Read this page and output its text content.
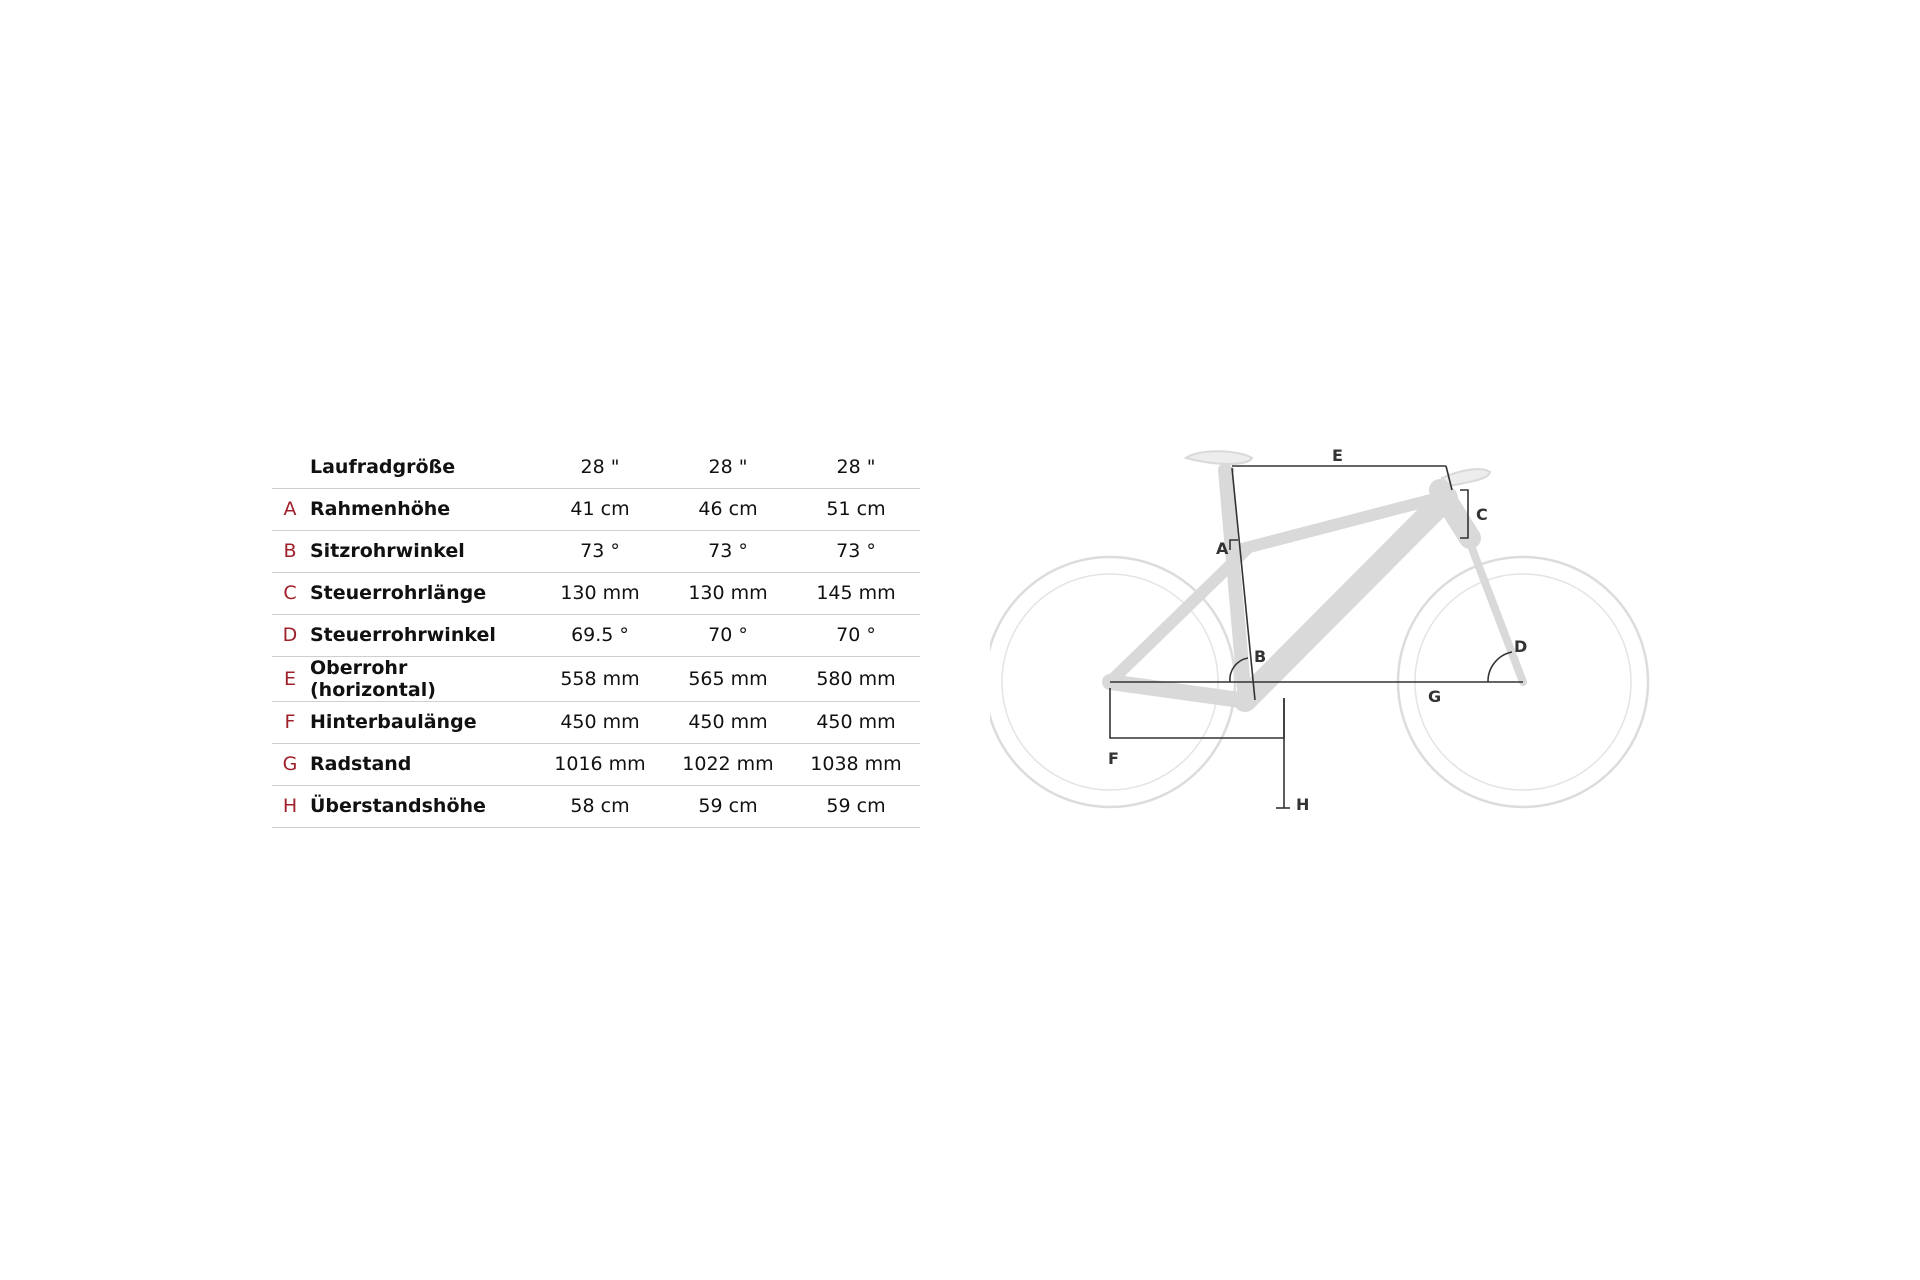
	Laufradgröße	28 "	28 "	28 "
A	Rahmenhöhe	41 cm	46 cm	51 cm
B	Sitzrohrwinkel	73 °	73 °	73 °
C	Steuerrohrlänge	130 mm	130 mm	145 mm
D	Steuerrohrwinkel	69.5 °	70 °	70 °
E	Oberrohr (horizontal)	558 mm	565 mm	580 mm
F	Hinterbaulänge	450 mm	450 mm	450 mm
G	Radstand	1016 mm	1022 mm	1038 mm
H	Überstandshöhe	58 cm	59 cm	59 cm
E
C
A
B
D
G
F
H
